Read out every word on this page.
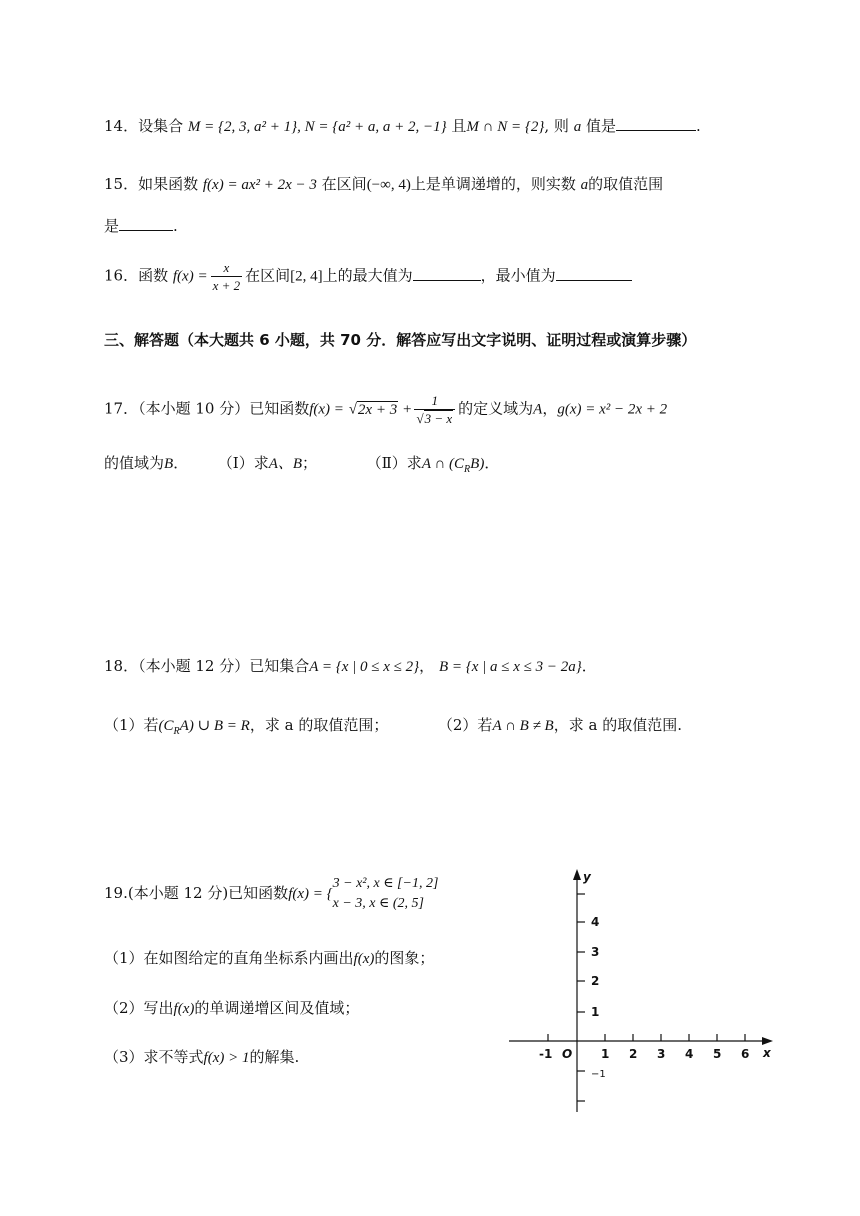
14．设集合 M = {2, 3, a² + 1}, N = {a² + a, a + 2, −1} 且M ∩ N = {2}, 则 a 值是	.
15．如果函数 f(x) = ax² + 2x − 3 在区间(−∞, 4)上是单调递增的，则实数 a的取值范围
是	.
16．函数 $f(x) = \frac{x}{x + 2}$ 在区间[2, 4]上的最大值为	，最小值为
三、解答题（本大题共 6 小题，共 70 分．解答应写出文字说明、证明过程或演算步骤）
17．（本小题 10 分）已知函数$f(x) = √2x + 3 + \frac{1}{√3 - x}$ 的定义域为A，g(x) = x² − 2x + 2
的值域为B． （Ⅰ）求A、B；	（Ⅱ）求A ∩ $(C_RB)$．
18．（本小题 12 分）已知集合A = {x | 0 ≤ x ≤ 2}， B = {x | a ≤ x ≤ 3 − 2a}．
（1）若$(C_RA)$ ∪ B = R，求 a 的取值范围；	（2）若A ∩ B ≠ B，求 a 的取值范围.
19.(本小题 12 分)已知函数f(x) = {
3 − x², x ∈ [−1, 2]
x − 3, x ∈ (2, 5]
（1）在如图给定的直角坐标系内画出f(x)的图象；
（2）写出f(x)的单调递增区间及值域；
（3）求不等式f(x) > 1的解集.
y
x
O
-1	1 2 3 4 5 6
4
3
2
1
−1
